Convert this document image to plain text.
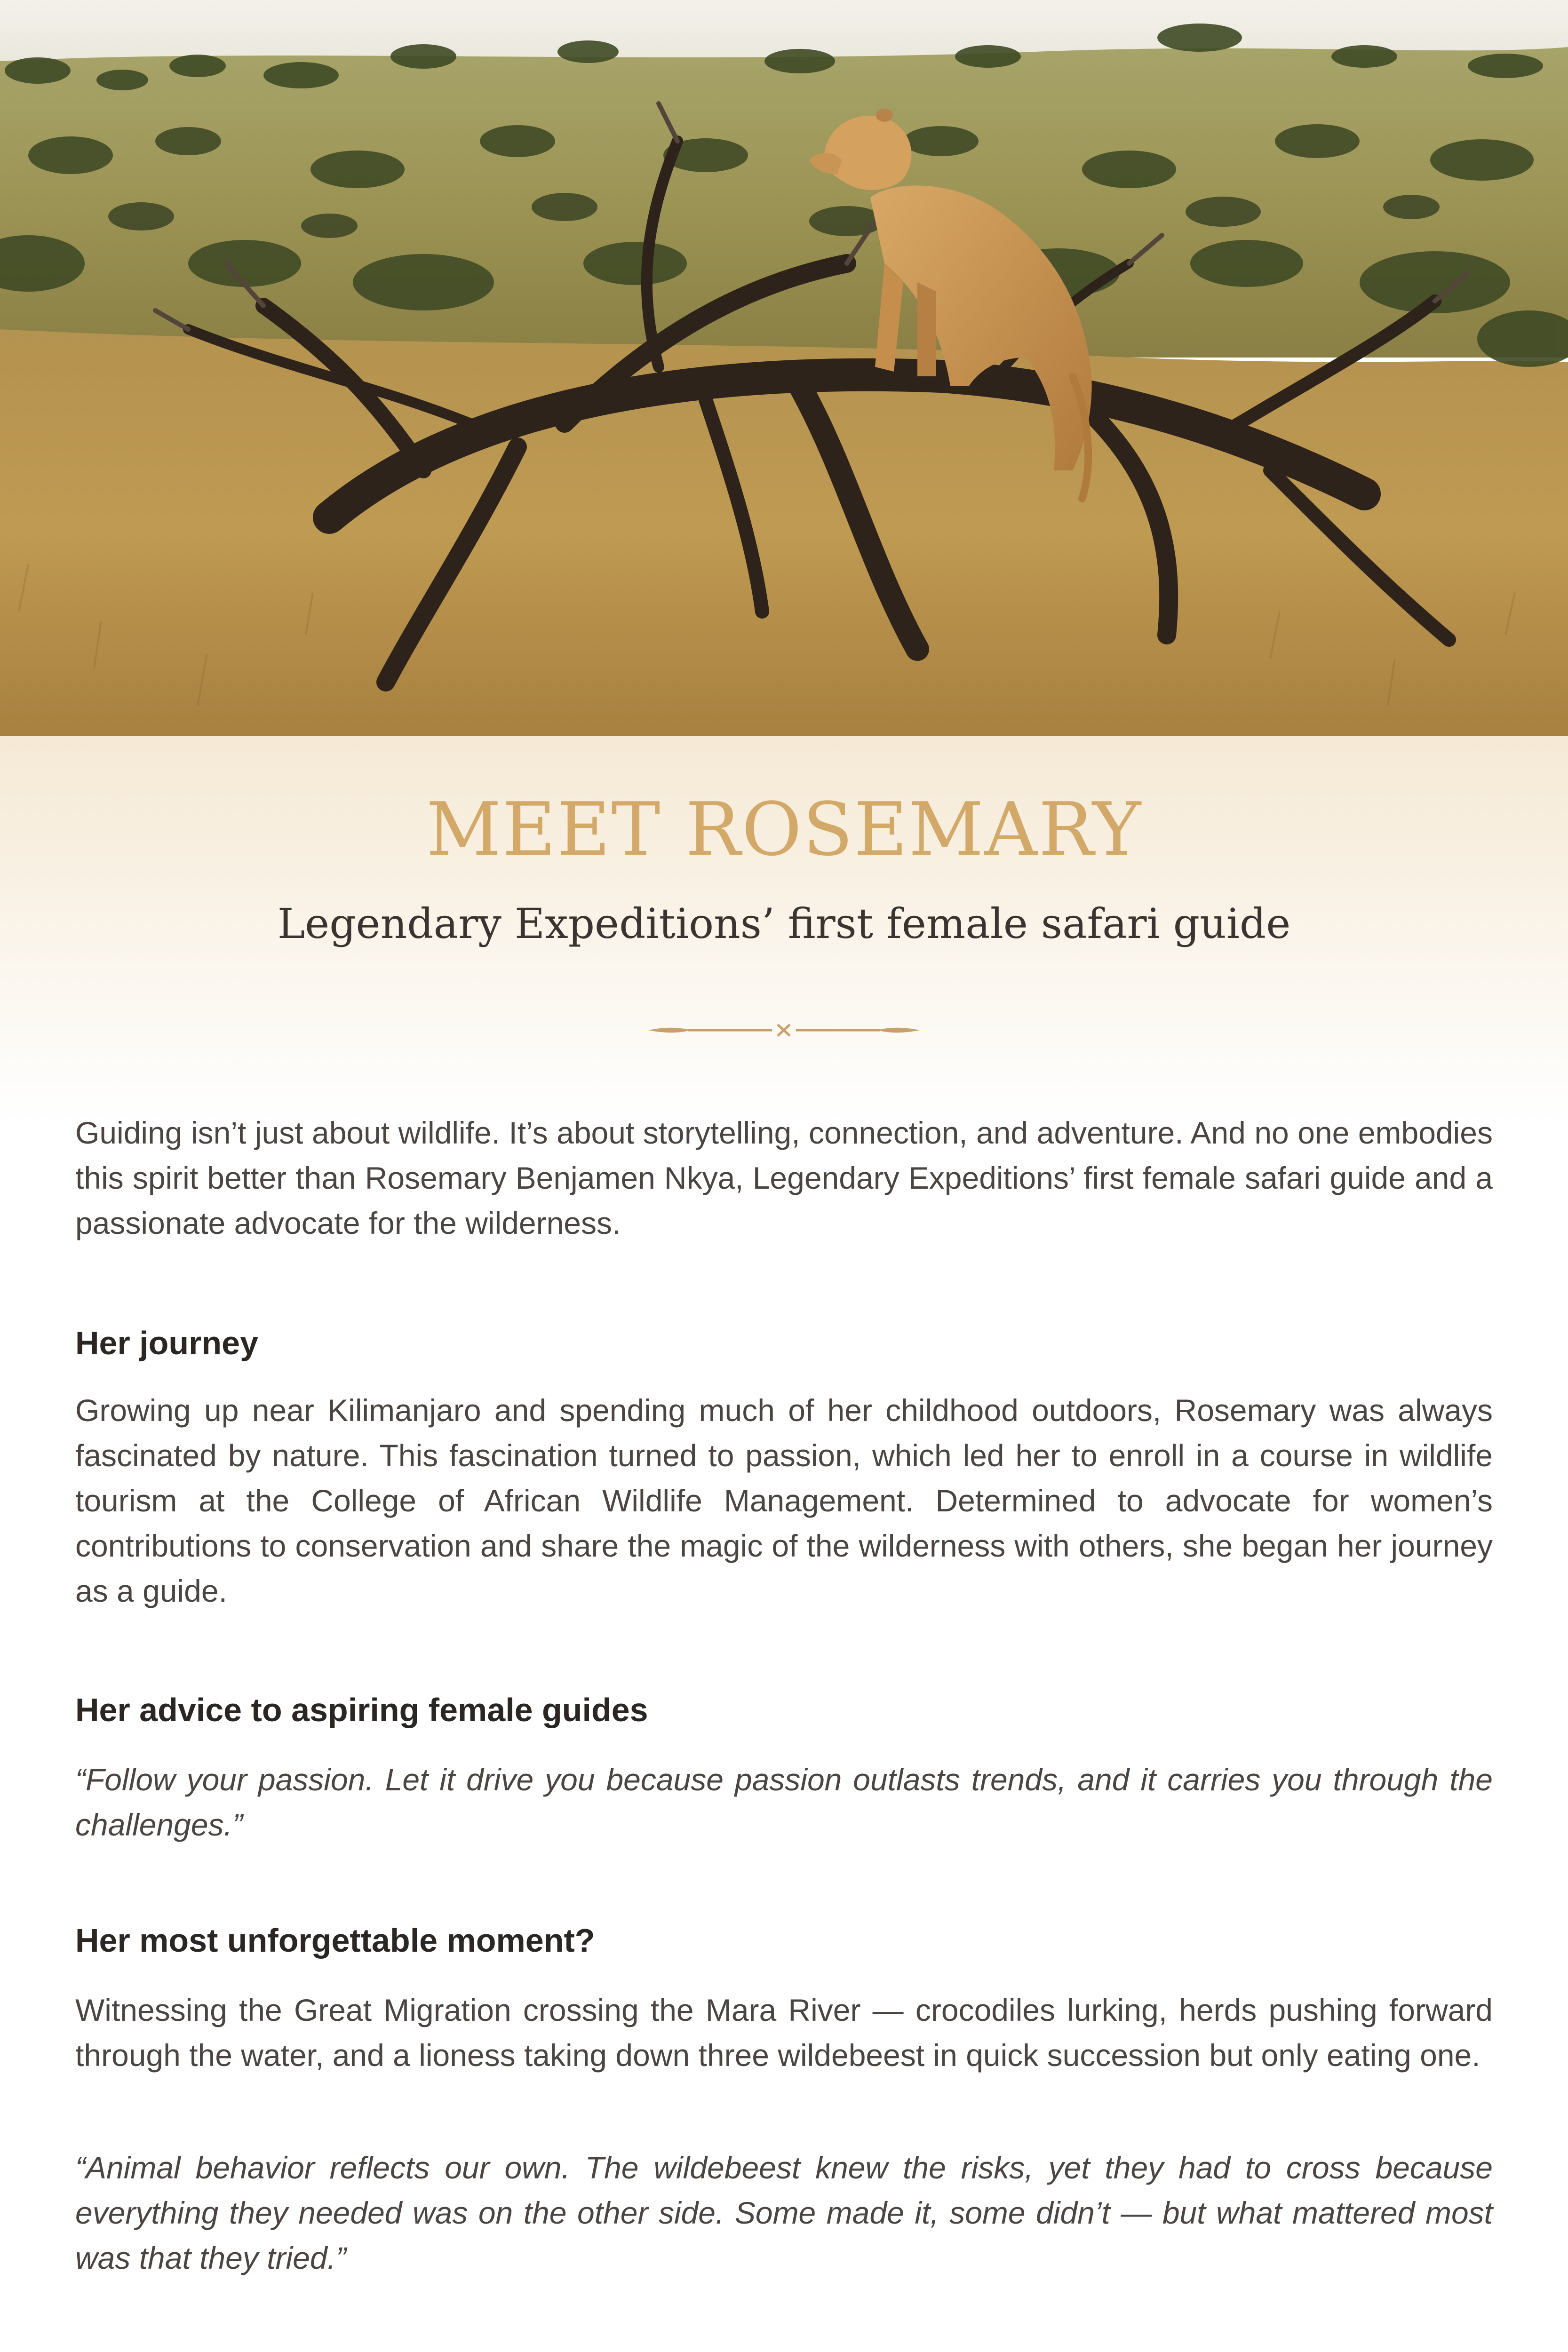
MEET ROSEMARY
Legendary Expeditions’ first female safari guide

Guiding isn’t just about wildlife. It’s about storytelling, connection, and adventure. And no one embodies this spirit better than Rosemary Benjamen Nkya, Legendary Expeditions’ first female safari guide and a passionate advocate for the wilderness.

Her journey

Growing up near Kilimanjaro and spending much of her childhood outdoors, Rosemary was always fascinated by nature. This fascination turned to passion, which led her to enroll in a course in wildlife tourism at the College of African Wildlife Management. Determined to advocate for women’s contributions to conservation and share the magic of the wilderness with others, she began her journey as a guide.

Her advice to aspiring female guides

“Follow your passion. Let it drive you because passion outlasts trends, and it carries you through the challenges.”

Her most unforgettable moment?

Witnessing the Great Migration crossing the Mara River — crocodiles lurking, herds pushing forward through the water, and a lioness taking down three wildebeest in quick succession but only eating one.

“Animal behavior reflects our own. The wildebeest knew the risks, yet they had to cross because everything they needed was on the other side. Some made it, some didn’t — but what mattered most was that they tried.”
